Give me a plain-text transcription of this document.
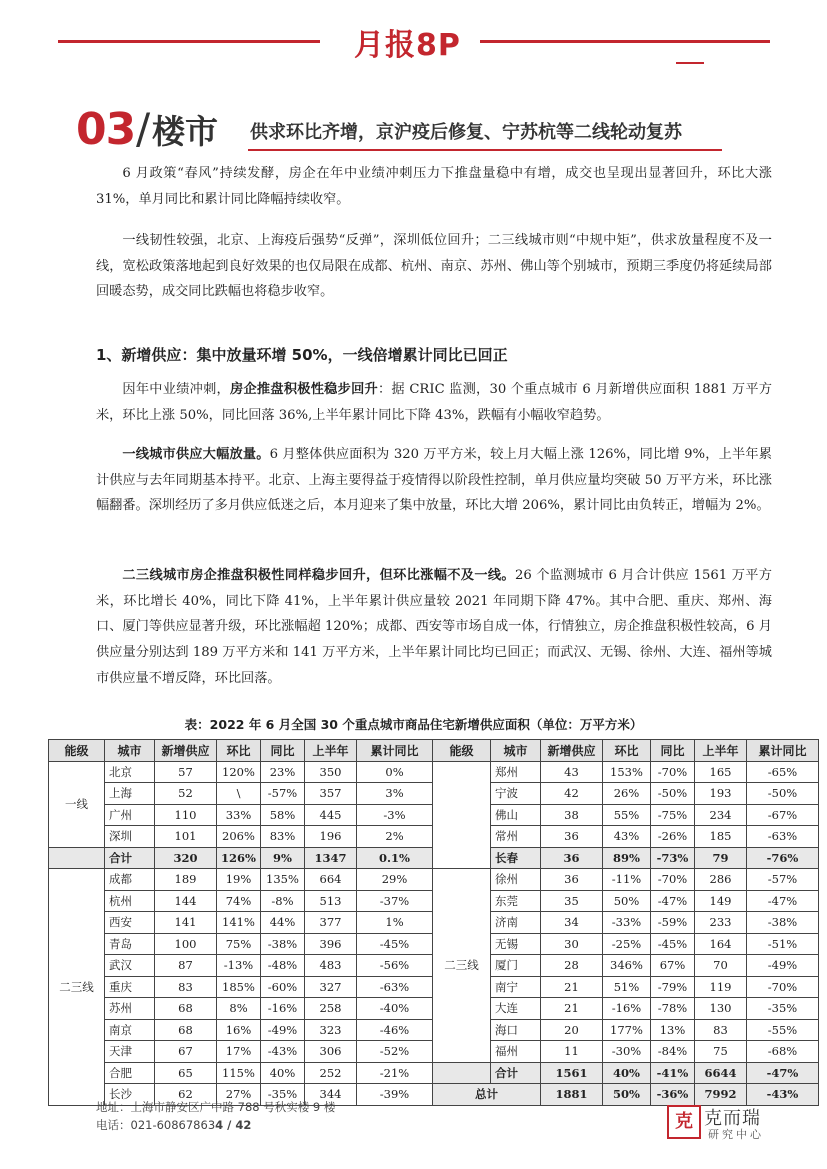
月报8P
03 / 楼市 供求环比齐增，京沪疫后修复、宁苏杭等二线轮动复苏
6 月政策“春风”持续发酵，房企在年中业绩冲刺压力下推盘量稳中有增，成交也呈现出显著回升，环比大涨 31%，单月同比和累计同比降幅持续收窄。
一线韧性较强，北京、上海疫后强势“反弹”，深圳低位回升；二三线城市则“中规中矩”，供求放量程度不及一线，宽松政策落地起到良好效果的也仅局限在成都、杭州、南京、苏州、佛山等个别城市，预期三季度仍将延续局部回暖态势，成交同比跌幅也将稳步收窄。
1、新增供应：集中放量环增 50%，一线倍增累计同比已回正
因年中业绩冲刺，房企推盘积极性稳步回升：据 CRIC 监测，30 个重点城市 6 月新增供应面积 1881 万平方米，环比上涨 50%，同比回落 36%,上半年累计同比下降 43%，跌幅有小幅收窄趋势。
一线城市供应大幅放量。6 月整体供应面积为 320 万平方米，较上月大幅上涨 126%，同比增 9%，上半年累计供应与去年同期基本持平。北京、上海主要得益于疫情得以阶段性控制，单月供应量均突破 50 万平方米，环比涨幅翻番。深圳经历了多月供应低迷之后，本月迎来了集中放量，环比大增 206%，累计同比由负转正，增幅为 2%。
二三线城市房企推盘积极性同样稳步回升，但环比涨幅不及一线。26 个监测城市 6 月合计供应 1561 万平方米，环比增长 40%，同比下降 41%，上半年累计供应量较 2021 年同期下降 47%。其中合肥、重庆、郑州、海口、厦门等供应显著升级，环比涨幅超 120%；成都、西安等市场自成一体，行情独立，房企推盘积极性较高，6 月供应量分别达到 189 万平方米和 141 万平方米，上半年累计同比均已回正；而武汉、无锡、徐州、大连、福州等城市供应量不增反降，环比回落。
表：2022 年 6 月全国 30 个重点城市商品住宅新增供应面积（单位：万平方米）
能级	城市	新增供应	环比	同比	上半年	累计同比	能级	城市	新增供应	环比	同比	上半年	累计同比
一线	北京	57	120%	23%	350	0%		郑州	43	153%	-70%	165	-65%
	上海	52	\	-57%	357	3%		宁波	42	26%	-50%	193	-50%
	广州	110	33%	58%	445	-3%		佛山	38	55%	-75%	234	-67%
	深圳	101	206%	83%	196	2%		常州	36	43%	-26%	185	-63%
	合计	320	126%	9%	1347	0.1%		长春	36	89%	-73%	79	-76%
二三线	成都	189	19%	135%	664	29%	二三线	徐州	36	-11%	-70%	286	-57%
	杭州	144	74%	-8%	513	-37%		东莞	35	50%	-47%	149	-47%
	西安	141	141%	44%	377	1%		济南	34	-33%	-59%	233	-38%
	青岛	100	75%	-38%	396	-45%		无锡	30	-25%	-45%	164	-51%
	武汉	87	-13%	-48%	483	-56%		厦门	28	346%	67%	70	-49%
	重庆	83	185%	-60%	327	-63%		南宁	21	51%	-79%	119	-70%
	苏州	68	8%	-16%	258	-40%		大连	21	-16%	-78%	130	-35%
	南京	68	16%	-49%	323	-46%		海口	20	177%	13%	83	-55%
	天津	67	17%	-43%	306	-52%		福州	11	-30%	-84%	75	-68%
	合肥	65	115%	40%	252	-21%		合计	1561	40%	-41%	6644	-47%
	长沙	62	27%	-35%	344	-39%	总计		1881	50%	-36%	7992	-43%
地址：上海市静安区广中路 788 号秋实楼 9 楼
电话：021-608678634 / 42	克 克而瑞
研究中心
